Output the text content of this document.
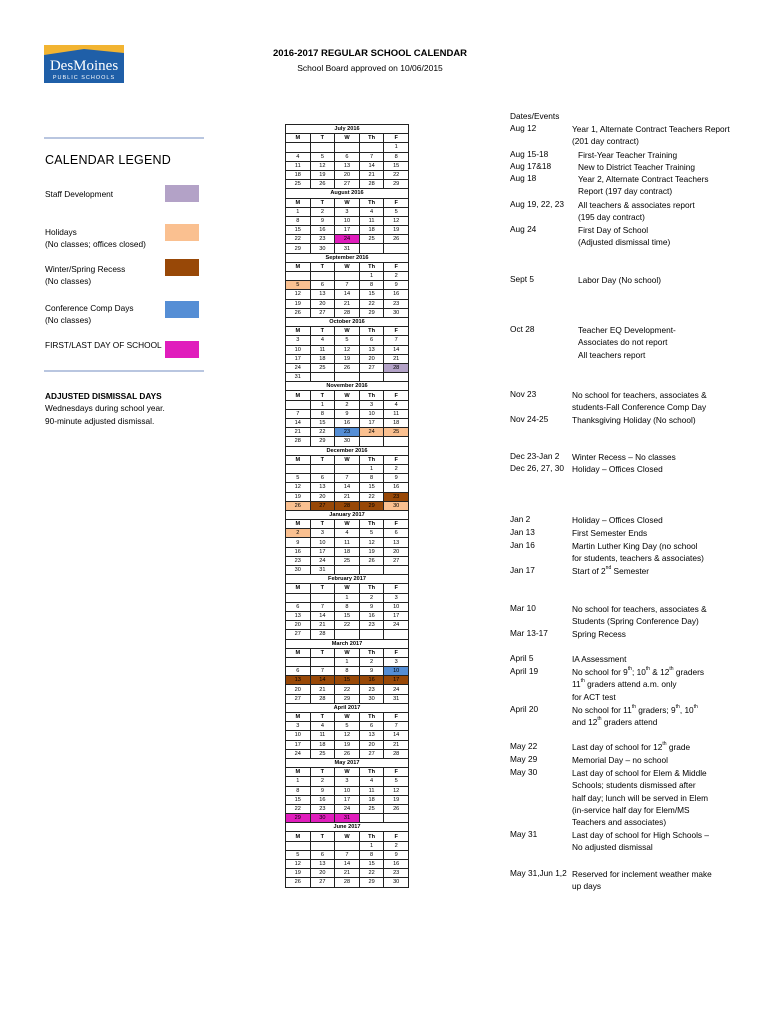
DesMoines
PUBLIC SCHOOLS
2016-2017 REGULAR SCHOOL CALENDAR
School Board approved on 10/06/2015
CALENDAR LEGEND
Staff Development
Holidays
(No classes; offices closed)
Winter/Spring Recess
(No classes)
Conference Comp Days
(No classes)
FIRST/LAST DAY OF SCHOOL
ADJUSTED DISMISSAL DAYS
Wednesdays during school year.
90-minute adjusted dismissal.
July 2016				
M	T	W	Th	F
				1
4	5	6	7	8
11	12	13	14	15
18	19	20	21	22
25	26	27	28	29
August 2016				
M	T	W	Th	F
1	2	3	4	5
8	9	10	11	12
15	16	17	18	19
22	23	24	25	26
29	30	31		
September 2016				
M	T	W	Th	F
			1	2
5	6	7	8	9
12	13	14	15	16
19	20	21	22	23
26	27	28	29	30
October 2016				
M	T	W	Th	F
3	4	5	6	7
10	11	12	13	14
17	18	19	20	21
24	25	26	27	28
31				
November 2016				
M	T	W	Th	F
	1	2	3	4
7	8	9	10	11
14	15	16	17	18
21	22	23	24	25
28	29	30		
December 2016				
M	T	W	Th	F
			1	2
5	6	7	8	9
12	13	14	15	16
19	20	21	22	23
26	27	28	29	30
January 2017				
M	T	W	Th	F
2	3	4	5	6
9	10	11	12	13
16	17	18	19	20
23	24	25	26	27
30	31			
February 2017				
M	T	W	Th	F
		1	2	3
6	7	8	9	10
13	14	15	16	17
20	21	22	23	24
27	28			
March 2017				
M	T	W	Th	F
		1	2	3
6	7	8	9	10
13	14	15	16	17
20	21	22	23	24
27	28	29	30	31
April 2017				
M	T	W	Th	F
3	4	5	6	7
10	11	12	13	14
17	18	19	20	21
24	25	26	27	28
May 2017				
M	T	W	Th	F
1	2	3	4	5
8	9	10	11	12
15	16	17	18	19
22	23	24	25	26
29	30	31		
June 2017				
M	T	W	Th	F
			1	2
5	6	7	8	9
12	13	14	15	16
19	20	21	22	23
26	27	28	29	30
Dates/Events
Aug 12	Year 1, Alternate Contract Teachers Report
(201 day contract)
Aug 15-18	First-Year Teacher Training
Aug 17&18	New to District Teacher Training
Aug 18	Year 2, Alternate Contract Teachers
Report (197 day contract)
Aug 19, 22, 23 All teachers & associates report
(195 day contract)
Aug 24	First Day of School
(Adjusted dismissal time)
Sept 5	Labor Day (No school)
Oct 28	Teacher EQ Development-
Associates do not report
All teachers report
Nov 23	No school for teachers, associates &
students-Fall Conference Comp Day
Nov 24-25	Thanksgiving Holiday (No school)
Dec 23-Jan 2 Winter Recess – No classes
Dec 26, 27, 30 Holiday – Offices Closed
Jan 2	Holiday – Offices Closed
Jan 13	First Semester Ends
Jan 16	Martin Luther King Day (no school
for students, teachers & associates)
Jan 17	Start of 2nd Semester
Mar 10	No school for teachers, associates &
Students (Spring Conference Day)
Mar 13-17	Spring Recess
April 5	IA Assessment
April 19	No school for 9th; 10th & 12th graders
11th graders attend a.m. only
for ACT test
April 20	No school for 11th graders; 9th, 10th
and 12th graders attend
May 22	Last day of school for 12th grade
May 29	Memorial Day – no school
May 30	Last day of school for Elem & Middle
Schools; students dismissed after
half day; lunch will be served in Elem
(in-service half day for Elem/MS
Teachers and associates)
May 31	Last day of school for High Schools –
No adjusted dismissal
May 31,Jun 1,2 Reserved for inclement weather make
up days
